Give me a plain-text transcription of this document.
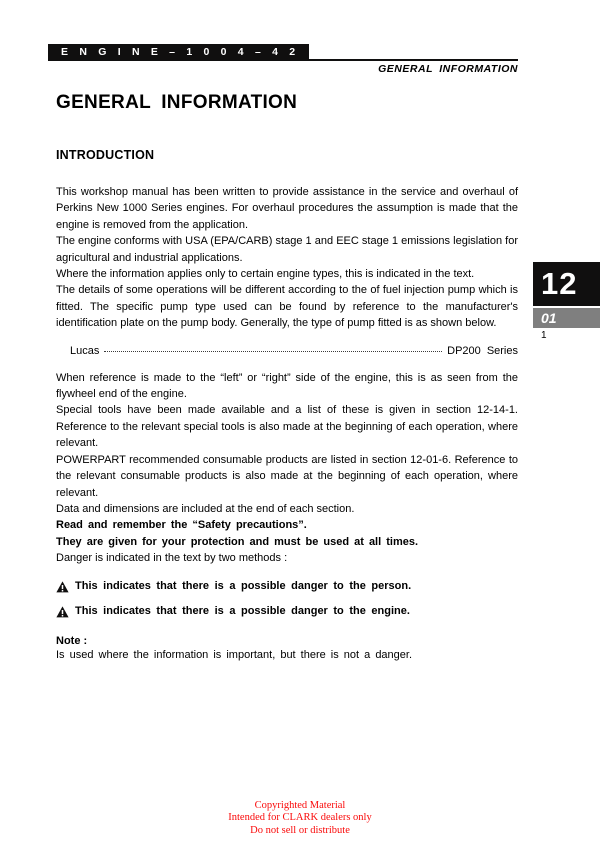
E N G I N E – 1 0 0 4 – 4 2
GENERAL INFORMATION
12
01
1
GENERAL INFORMATION
INTRODUCTION

This workshop manual has been written to provide assistance in the service and overhaul of Perkins New 1000 Series engines. For overhaul procedures the assumption is made that the engine is removed from the application.

The engine conforms with USA (EPA/CARB) stage 1 and EEC stage 1 emissions legislation for agricultural and industrial applications.

Where the information applies only to certain engine types, this is indicated in the text.

The details of some operations will be different according to the of fuel injection pump which is fitted. The specific pump type used can be found by reference to the manufacturer's identification plate on the pump body. Generally, the type of pump fitted is as shown below.

Lucas	DP200 Series

When reference is made to the “left” or “right” side of the engine, this is as seen from the flywheel end of the engine.

Special tools have been made available and a list of these is given in section 12-14-1. Reference to the relevant special tools is also made at the beginning of each operation, where relevant.

POWERPART recommended consumable products are listed in section 12-01-6. Reference to the relevant consumable products is also made at the beginning of each operation, where relevant.

Data and dimensions are included at the end of each section.

Read and remember the “Safety precautions”.

They are given for your protection and must be used at all times.

Danger is indicated in the text by two methods :

This indicates that there is a possible danger to the person.
This indicates that there is a possible danger to the engine.

Note :

Is used where the information is important, but there is not a danger.

Copyrighted Material
Intended for CLARK dealers only
Do not sell or distribute
